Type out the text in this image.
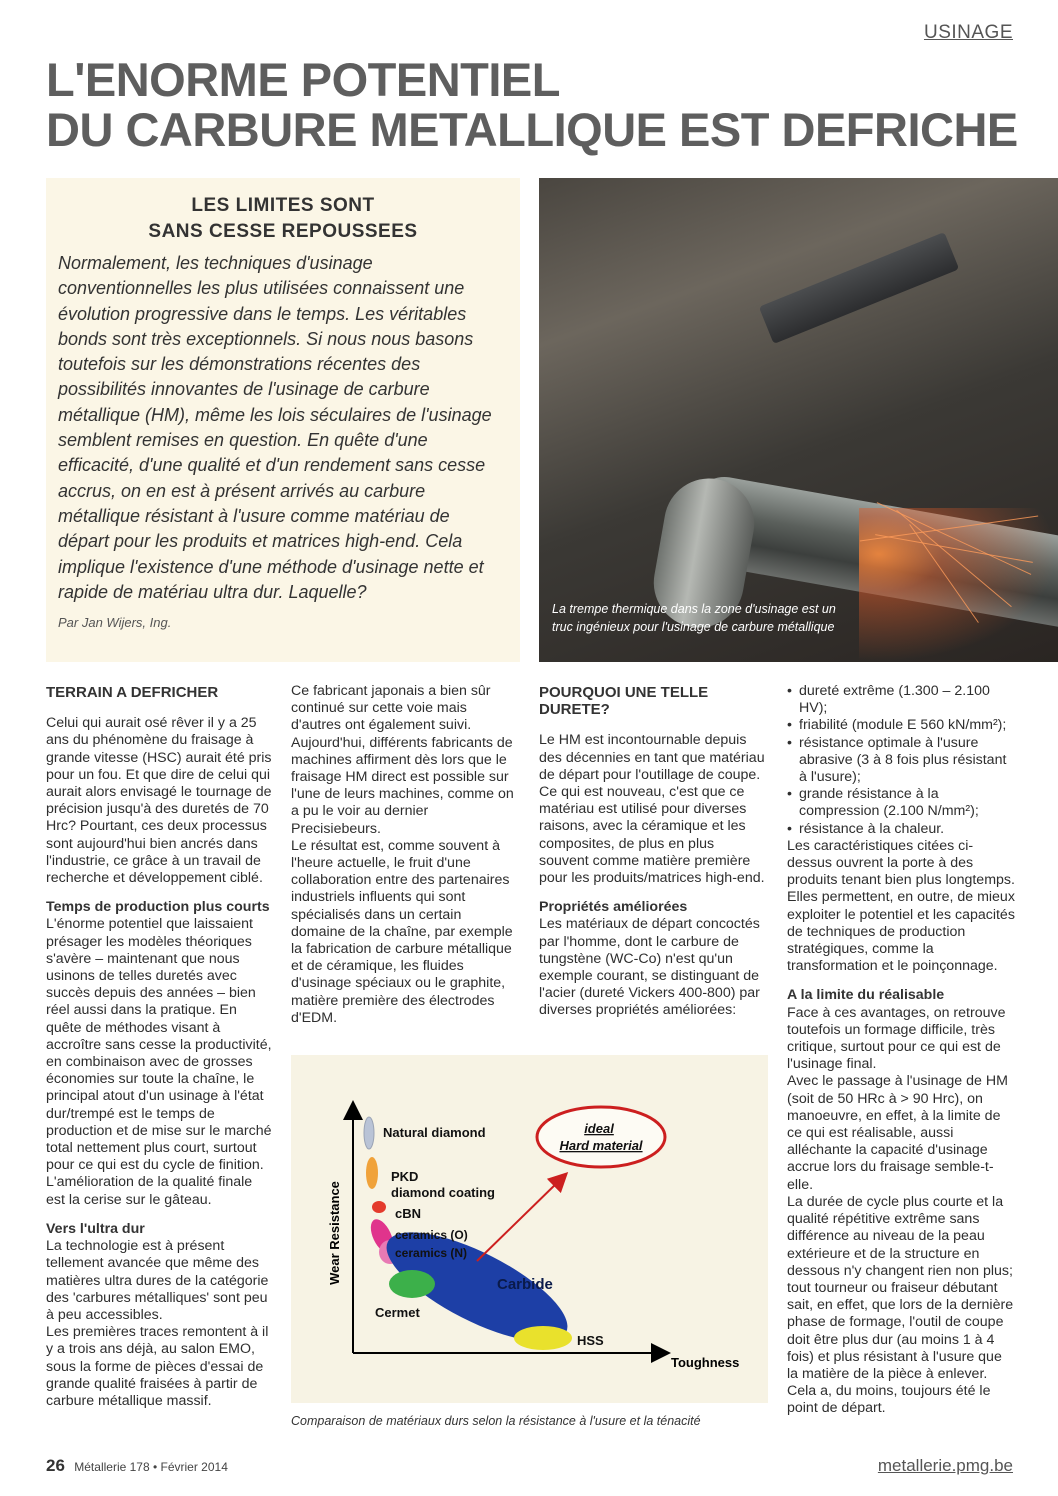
USINAGE
L'ENORME POTENTIEL
DU CARBURE METALLIQUE EST DEFRICHE
LES LIMITES SONT
SANS CESSE REPOUSSEES

Normalement, les techniques d'usinage conventionnelles les plus utilisées connaissent une évolution progressive dans le temps. Les véritables bonds sont très exceptionnels. Si nous nous basons toutefois sur les démonstrations récentes des possibilités innovantes de l'usinage de carbure métallique (HM), même les lois séculaires de l'usinage semblent remises en question. En quête d'une efficacité, d'une qualité et d'un rendement sans cesse accrus, on en est à présent arrivés au carbure métallique résistant à l'usure comme matériau de départ pour les produits et matrices high-end. Cela implique l'existence d'une méthode d'usinage nette et rapide de matériau ultra dur. Laquelle?

Par Jan Wijers, Ing.

La trempe thermique dans la zone d'usinage est un truc ingénieux pour l'usinage de carbure métallique

TERRAIN A DEFRICHER

Celui qui aurait osé rêver il y a 25 ans du phénomène du fraisage à grande vitesse (HSC) aurait été pris pour un fou. Et que dire de celui qui aurait alors envisagé le tournage de précision jusqu'à des duretés de 70 Hrc? Pourtant, ces deux processus sont aujourd'hui bien ancrés dans l'industrie, ce grâce à un travail de recherche et développement ciblé.

Temps de production plus courts

L'énorme potentiel que laissaient présager les modèles théoriques s'avère – maintenant que nous usinons de telles duretés avec succès depuis des années – bien réel aussi dans la pratique. En quête de méthodes visant à accroître sans cesse la productivité, en combinaison avec de grosses économies sur toute la chaîne, le principal atout d'un usinage à l'état dur/trempé est le temps de production et de mise sur le marché total nettement plus court, surtout pour ce qui est du cycle de finition. L'amélioration de la qualité finale est la cerise sur le gâteau.

Vers l'ultra dur

La technologie est à présent tellement avancée que même des matières ultra dures de la catégorie des 'carbures métalliques' sont peu à peu accessibles.

Les premières traces remontent à il y a trois ans déjà, au salon EMO, sous la forme de pièces d'essai de grande qualité fraisées à partir de carbure métallique massif.

Ce fabricant japonais a bien sûr continué sur cette voie mais d'autres ont également suivi.

Aujourd'hui, différents fabricants de machines affirment dès lors que le fraisage HM direct est possible sur l'une de leurs machines, comme on a pu le voir au dernier Precisiebeurs.

Le résultat est, comme souvent à l'heure actuelle, le fruit d'une collaboration entre des partenaires industriels influents qui sont spécialisés dans un certain domaine de la chaîne, par exemple la fabrication de carbure métallique et de céramique, les fluides d'usinage spéciaux ou le graphite, matière première des électrodes d'EDM.

POURQUOI UNE TELLE DURETE?

Le HM est incontournable depuis des décennies en tant que matériau de départ pour l'outillage de coupe. Ce qui est nouveau, c'est que ce matériau est utilisé pour diverses raisons, avec la céramique et les composites, de plus en plus souvent comme matière première pour les produits/matrices high-end.

Propriétés améliorées

Les matériaux de départ concoctés par l'homme, dont le carbure de tungstène (WC-Co) n'est qu'un exemple courant, se distinguant de l'acier (dureté Vickers 400-800) par diverses propriétés améliorées:

• dureté extrême (1.300 – 2.100 HV);
• friabilité (module E 560 kN/mm²);
• résistance optimale à l'usure abrasive (3 à 8 fois plus résistant à l'usure);
• grande résistance à la compression (2.100 N/mm²);
• résistance à la chaleur.

Les caractéristiques citées ci-dessus ouvrent la porte à des produits tenant bien plus longtemps.

Elles permettent, en outre, de mieux exploiter le potentiel et les capacités de techniques de production stratégiques, comme la transformation et le poinçonnage.

A la limite du réalisable

Face à ces avantages, on retrouve toutefois un formage difficile, très critique, surtout pour ce qui est de l'usinage final.

Avec le passage à l'usinage de HM (soit de 50 HRc à > 90 Hrc), on manoeuvre, en effet, à la limite de ce qui est réalisable, aussi alléchante la capacité d'usinage accrue lors du fraisage semble-t-elle.

La durée de cycle plus courte et la qualité répétitive extrême sans différence au niveau de la peau extérieure et de la structure en dessous n'y changent rien non plus; tout tourneur ou fraiseur débutant sait, en effet, que lors de la dernière phase de formage, l'outil de coupe doit être plus dur (au moins 1 à 4 fois) et plus résistant à l'usure que la matière de la pièce à enlever. Cela a, du moins, toujours été le point de départ.

Wear Resistance
Toughness
Natural diamond
PKD
diamond coating
cBN
ceramics (O)
ceramics (N)
Cermet
Carbide
HSS
ideal
Hard material

Comparaison de matériaux durs selon la résistance à l'usure et la ténacité

26 Métallerie 178 • Février 2014	metallerie.pmg.be
